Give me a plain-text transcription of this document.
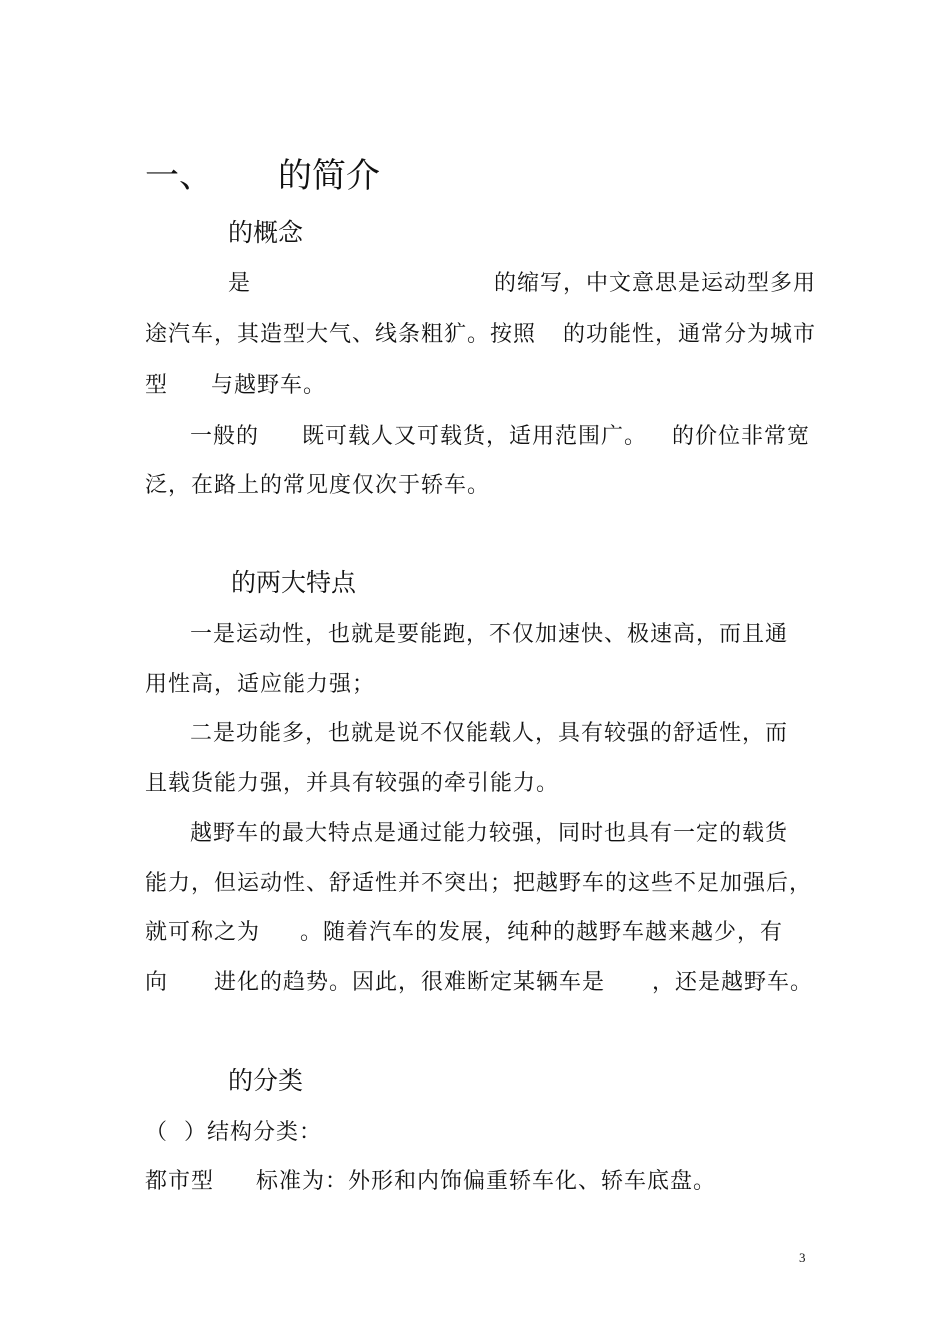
一、 的简介
的概念
是	的缩写，中文意思是运动型多用
途汽车，其造型大气、线条粗犷。按照 的功能性，通常分为城市
型 与越野车。
一般的 既可载人又可载货，适用范围广。 的价位非常宽
泛，在路上的常见度仅次于轿车。
的两大特点
一是运动性，也就是要能跑，不仅加速快、极速高，而且通
用性高，适应能力强；
二是功能多，也就是说不仅能载人，具有较强的舒适性，而
且载货能力强，并具有较强的牵引能力。
越野车的最大特点是通过能力较强，同时也具有一定的载货
能力，但运动性、舒适性并不突出；把越野车的这些不足加强后，
就可称之为 。随着汽车的发展，纯种的越野车越来越少，有
向 进化的趋势。因此，很难断定某辆车是 ，还是越野车。
的分类
（  ）结构分类：
都市型 标准为：外形和内饰偏重轿车化、轿车底盘。
3
